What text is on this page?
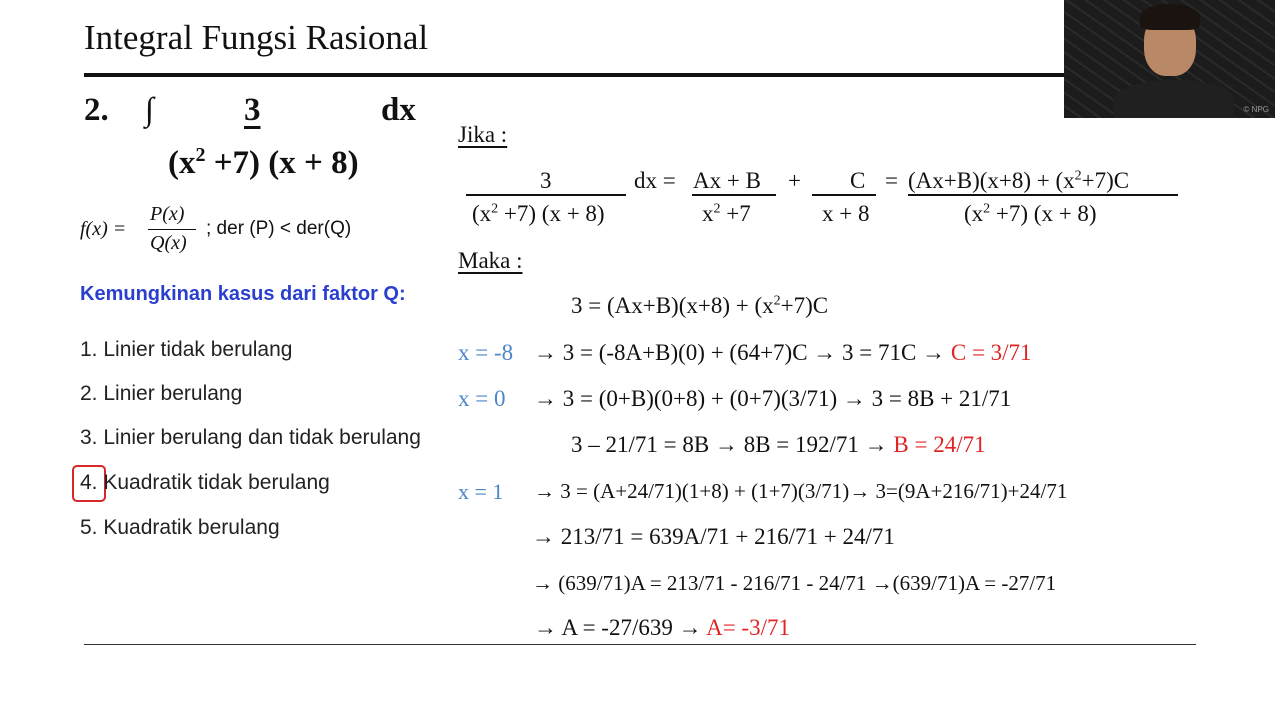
Integral Fungsi Rasional
© NPG
2. ∫	3	dx
$(x^2 +7) (x + 8)$
f(x) =
P(x)
Q(x)
; der (P) < der(Q)
Kemungkinan kasus dari faktor Q:
1. Linier tidak berulang
2. Linier berulang
3. Linier berulang dan tidak berulang
4. Kuadratik tidak berulang
5. Kuadratik berulang
Jika :
3
$(x^2 +7) (x + 8)$
dx = Ax + B
$x^2 +7$
+ C
x + 8
= $(Ax+B)(x+8) + (x^2+7)C$
$(x^2 +7) (x + 8)$
Maka :
$3 = (Ax+B)(x+8) + (x^2+7)C$
x = -8 → 3 = (-8A+B)(0) + (64+7)C → 3 = 71C → C = 3/71
x = 0 → 3 = (0+B)(0+8) + (0+7)(3/71) → 3 = 8B + 21/71
3 – 21/71 = 8B → 8B = 192/71 → B = 24/71
x = 1 → 3 = (A+24/71)(1+8) + (1+7)(3/71)→ 3=(9A+216/71)+24/71
→ 213/71 = 639A/71 + 216/71 + 24/71
→ (639/71)A = 213/71 - 216/71 - 24/71 →(639/71)A = -27/71
→ A = -27/639 → A= -3/71
